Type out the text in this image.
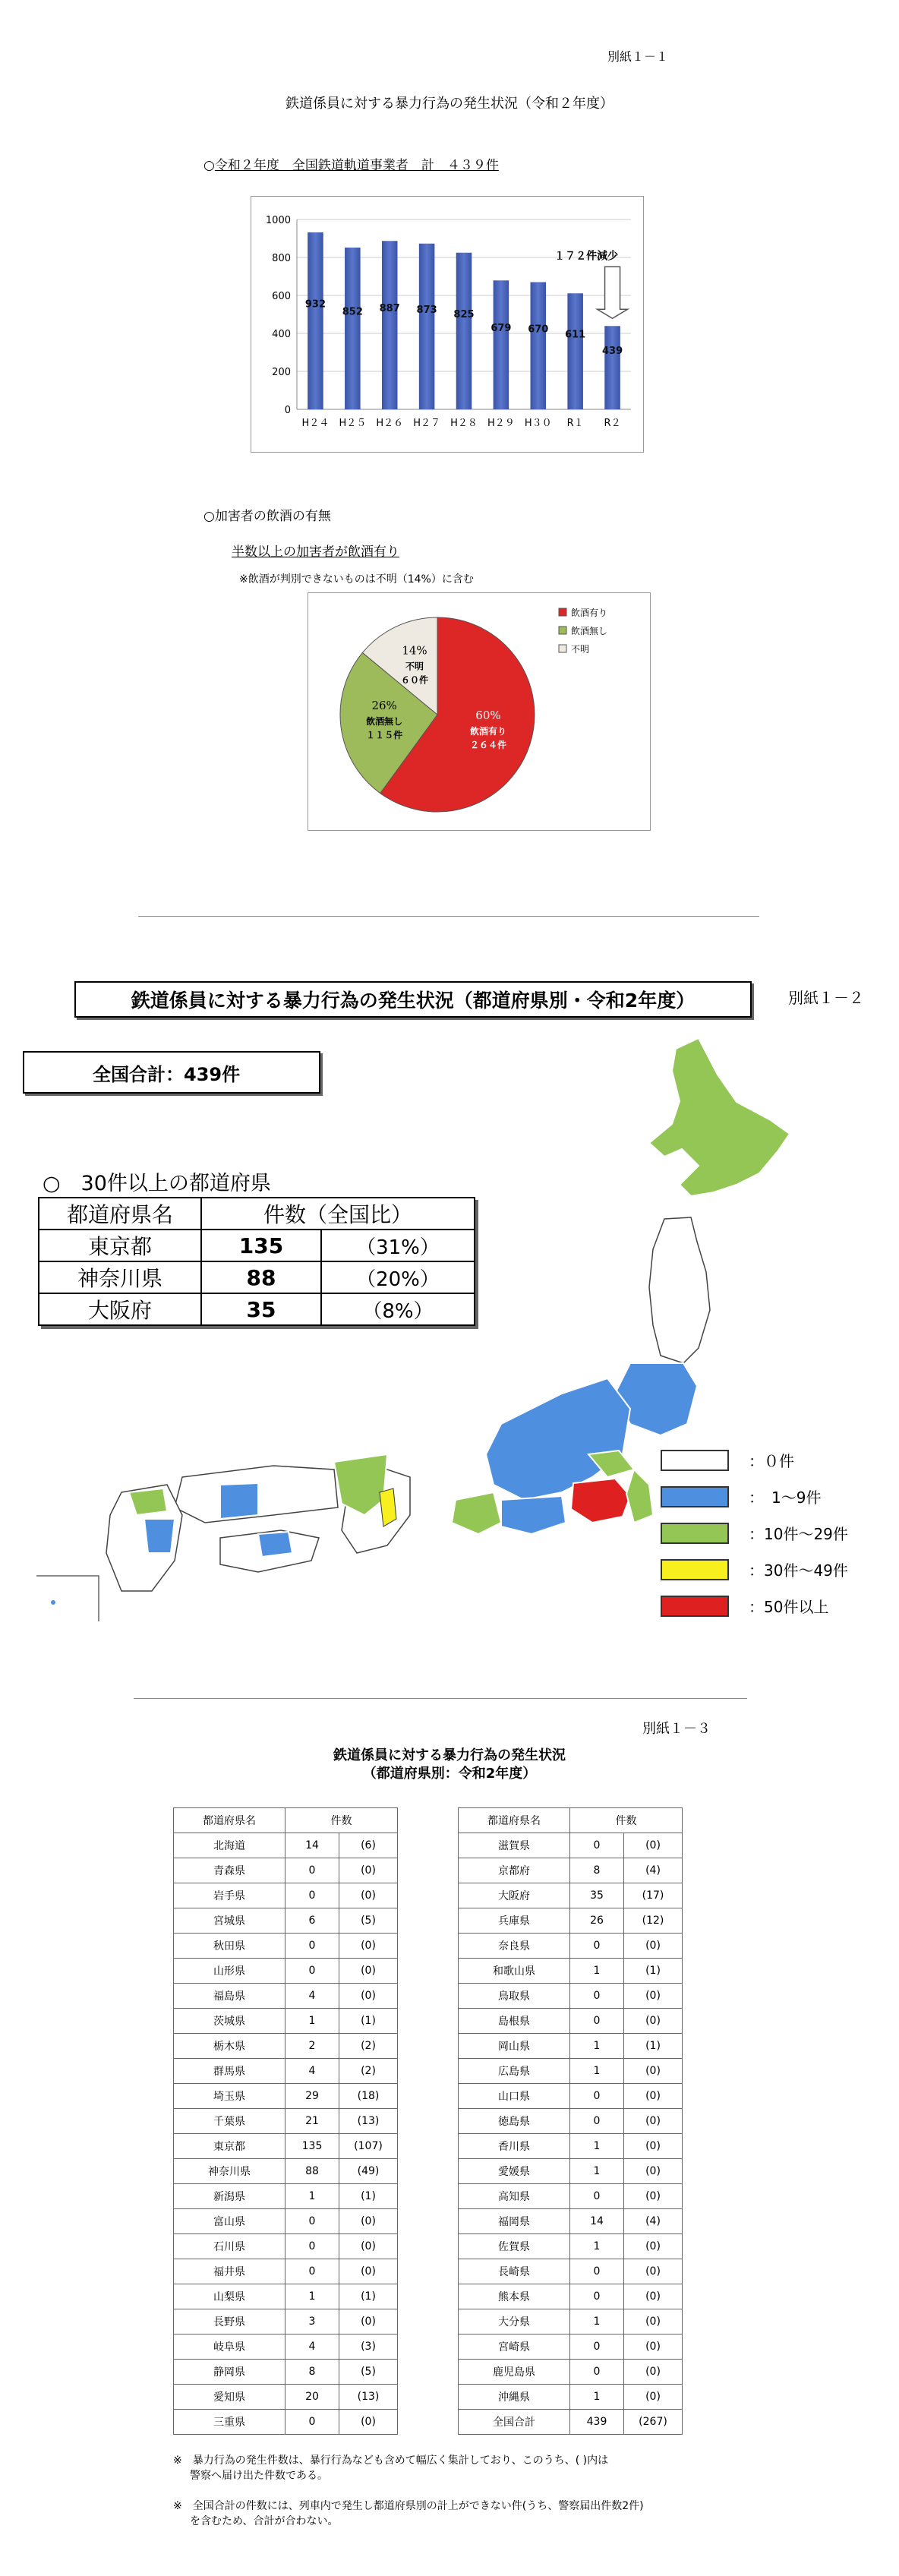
別紙１－１
鉄道係員に対する暴力行為の発生状況（令和２年度）
○令和２年度　全国鉄道軌道事業者　計　４３９件
0
200
400
600
800
1000
932
H２４
852
H２５
887
H２６
873
H２７
825
H２８
679
H２９
670
H３０
611
R１
439
R２
１７２件減少
○加害者の飲酒の有無
半数以上の加害者が飲酒有り
※飲酒が判別できないものは不明（14%）に含む
60%
飲酒有り
２６４件
26%
飲酒無し
１１５件
14%
不明
６０件
飲酒有り
飲酒無し
不明
鉄道係員に対する暴力行為の発生状況（都道府県別・令和2年度）	別紙１－２
全国合計：439件
○　30件以上の都道府県
都道府県名	件数（全国比）	
東京都	135	（31%）
神奈川県	88	（20%）
大阪府	35	（8%）
：０件
：　1～9件
：10件～29件
：30件～49件
：50件以上
別紙１－３
鉄道係員に対する暴力行為の発生状況
（都道府県別：令和2年度）
都道府県名	件数	
北海道	14	(6)
青森県	0	(0)
岩手県	0	(0)
宮城県	6	(5)
秋田県	0	(0)
山形県	0	(0)
福島県	4	(0)
茨城県	1	(1)
栃木県	2	(2)
群馬県	4	(2)
埼玉県	29	(18)
千葉県	21	(13)
東京都	135	(107)
神奈川県	88	(49)
新潟県	1	(1)
富山県	0	(0)
石川県	0	(0)
福井県	0	(0)
山梨県	1	(1)
長野県	3	(0)
岐阜県	4	(3)
静岡県	8	(5)
愛知県	20	(13)
三重県	0	(0)
都道府県名	件数	
滋賀県	0	(0)
京都府	8	(4)
大阪府	35	(17)
兵庫県	26	(12)
奈良県	0	(0)
和歌山県	1	(1)
鳥取県	0	(0)
島根県	0	(0)
岡山県	1	(1)
広島県	1	(0)
山口県	0	(0)
徳島県	0	(0)
香川県	1	(0)
愛媛県	1	(0)
高知県	0	(0)
福岡県	14	(4)
佐賀県	1	(0)
長崎県	0	(0)
熊本県	0	(0)
大分県	1	(0)
宮崎県	0	(0)
鹿児島県	0	(0)
沖縄県	1	(0)
全国合計	439	(267)
※　暴力行為の発生件数は、暴行行為なども含めて幅広く集計しており、このうち、( )内は
警察へ届け出た件数である。
※　全国合計の件数には、列車内で発生し都道府県別の計上ができない件(うち、警察届出件数2件)
を含むため、合計が合わない。
